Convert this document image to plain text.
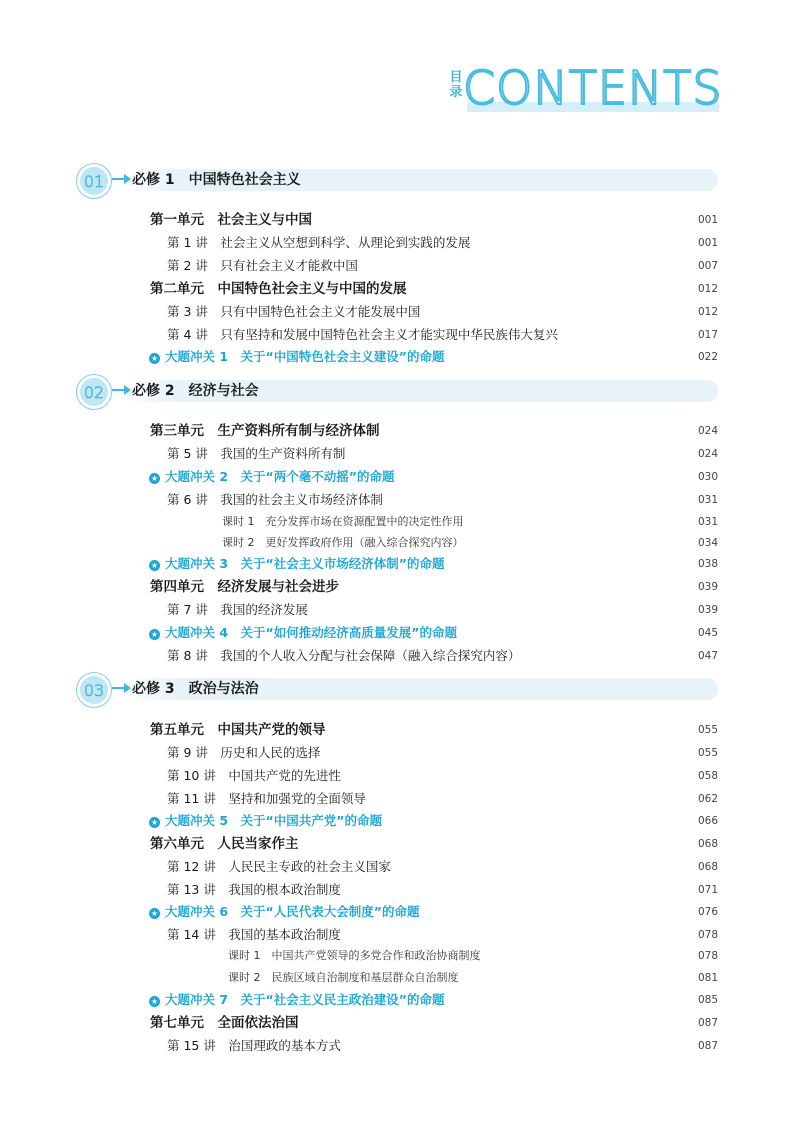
目录 CONTENTS
01 必修 1　中国特色社会主义
02 必修 2　经济与社会
03 必修 3　政治与法治
第一单元　社会主义与中国	001
第 1 讲　社会主义从空想到科学、从理论到实践的发展	001
第 2 讲　只有社会主义才能救中国	007
第二单元　中国特色社会主义与中国的发展	012
第 3 讲　只有中国特色社会主义才能发展中国	012
第 4 讲　只有坚持和发展中国特色社会主义才能实现中华民族伟大复兴	017
★ 大题冲关 1　关于“中国特色社会主义建设”的命题	022
第三单元　生产资料所有制与经济体制	024
第 5 讲　我国的生产资料所有制	024
★ 大题冲关 2　关于“两个毫不动摇”的命题	030
第 6 讲　我国的社会主义市场经济体制	031
课时 1　充分发挥市场在资源配置中的决定性作用	031
课时 2　更好发挥政府作用（融入综合探究内容）	034
★ 大题冲关 3　关于“社会主义市场经济体制”的命题	038
第四单元　经济发展与社会进步	039
第 7 讲　我国的经济发展	039
★ 大题冲关 4　关于“如何推动经济高质量发展”的命题	045
第 8 讲　我国的个人收入分配与社会保障（融入综合探究内容）	047
第五单元　中国共产党的领导	055
第 9 讲　历史和人民的选择	055
第 10 讲　中国共产党的先进性	058
第 11 讲　坚持和加强党的全面领导	062
★ 大题冲关 5　关于“中国共产党”的命题	066
第六单元　人民当家作主	068
第 12 讲　人民民主专政的社会主义国家	068
第 13 讲　我国的根本政治制度	071
★ 大题冲关 6　关于“人民代表大会制度”的命题	076
第 14 讲　我国的基本政治制度	078
课时 1　中国共产党领导的多党合作和政治协商制度	078
课时 2　民族区域自治制度和基层群众自治制度	081
★ 大题冲关 7　关于“社会主义民主政治建设”的命题	085
第七单元　全面依法治国	087
第 15 讲　治国理政的基本方式	087
